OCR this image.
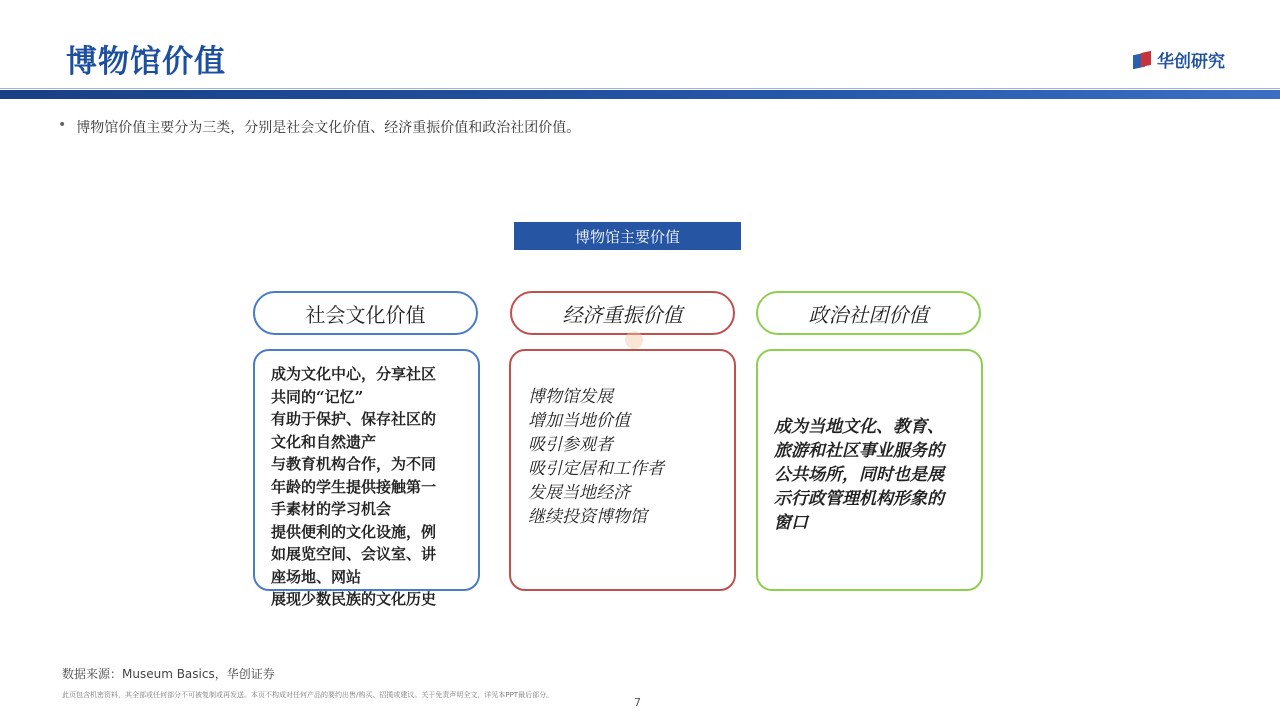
博物馆价值	华创研究
• 博物馆价值主要分为三类，分别是社会文化价值、经济重振价值和政治社团价值。
博物馆主要价值
社会文化价值	经济重振价值	政治社团价值
成为文化中心，分享社区
共同的“记忆”
有助于保护、保存社区的
文化和自然遗产
与教育机构合作，为不同
年龄的学生提供接触第一
手素材的学习机会
提供便利的文化设施，例
如展览空间、会议室、讲
座场地、网站
展现少数民族的文化历史
博物馆发展
增加当地价值
吸引参观者
吸引定居和工作者
发展当地经济
继续投资博物馆
成为当地文化、教育、
旅游和社区事业服务的
公共场所，同时也是展
示行政管理机构形象的
窗口
数据来源：Museum Basics，华创证券
此页包含机密资料，其全部或任何部分不可被复制或再发送。本页不构成对任何产品的要约出售/购买、招揽或建议。关于免责声明全文，详见本PPT最后部分。
7
